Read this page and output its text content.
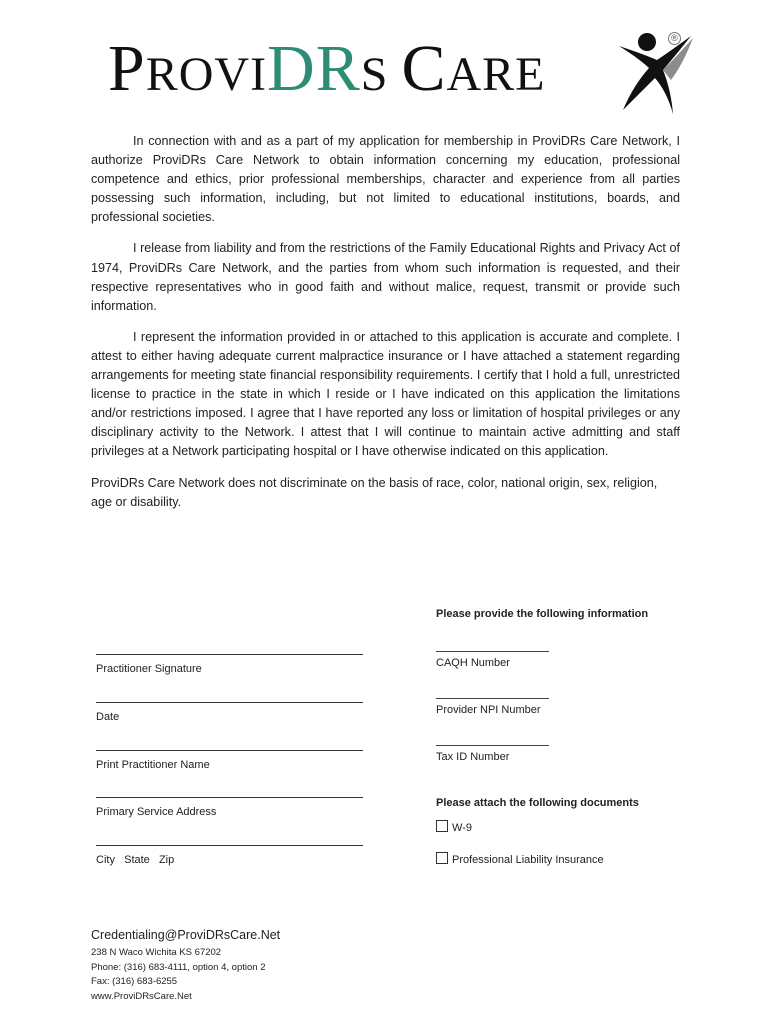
PROVIDRS CARE
®

In connection with and as a part of my application for membership in ProviDRs Care Network, I authorize ProviDRs Care Network to obtain information concerning my education, professional competence and ethics, prior professional memberships, character and experience from all parties possessing such information, including, but not limited to educational institutions, boards, and professional societies.

I release from liability and from the restrictions of the Family Educational Rights and Privacy Act of 1974, ProviDRs Care Network, and the parties from whom such information is requested, and their respective representatives who in good faith and without malice, request, transmit or provide such information.

I represent the information provided in or attached to this application is accurate and complete. I attest to either having adequate current malpractice insurance or I have attached a statement regarding arrangements for meeting state financial responsibility requirements. I certify that I hold a full, unrestricted license to practice in the state in which I reside or I have indicated on this application the limitations and/or restrictions imposed. I agree that I have reported any loss or limitation of hospital privileges or any disciplinary activity to the Network. I attest that I will continue to maintain active admitting and staff privileges at a Network participating hospital or I have otherwise indicated on this application.

ProviDRs Care Network does not discriminate on the basis of race, color, national origin, sex, religion, age or disability.

Practitioner Signature
Date
Print Practitioner Name
Primary Service Address
City   State   Zip
Please provide the following information
CAQH Number
Provider NPI Number
Tax ID Number
Please attach the following documents
W-9
Professional Liability Insurance
Credentialing@ProviDRsCare.Net
238 N Waco Wichita KS 67202
Phone: (316) 683-4111, option 4, option 2
Fax: (316) 683-6255
www.ProviDRsCare.Net
